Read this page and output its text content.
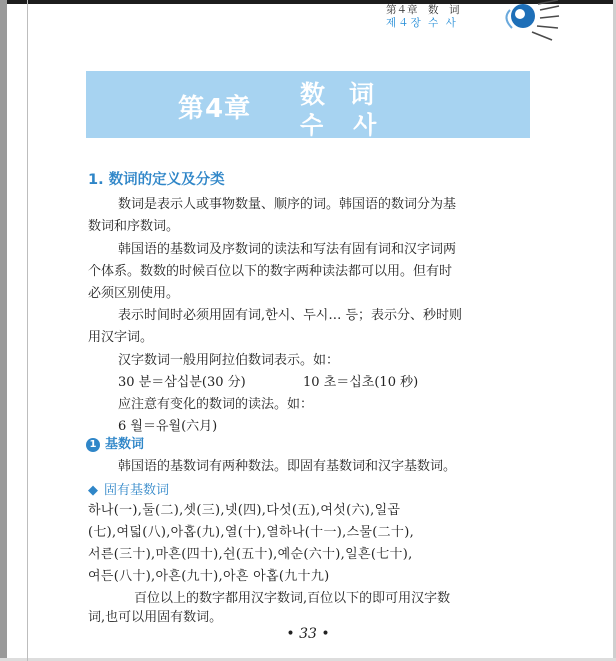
第４章　数　词
제４장 수 사
第4章 数词
수사
1. 数词的定义及分类
数词是表示人或事物数量、顺序的词。韩国语的数词分为基
数词和序数词。
韩国语的基数词及序数词的读法和写法有固有词和汉字词两
个体系。数数的时候百位以下的数字两种读法都可以用。但有时
必须区别使用。
表示时间时必须用固有词,한시、두시… 등；表示分、秒时则
用汉字词。
汉字数词一般用阿拉伯数词表示。如：
30 분＝삼십분(30 分)	10 초＝십초(10 秒)
应注意有变化的数词的读法。如：
6 월＝유월(六月)
1 基数词
韩国语的基数词有两种数法。即固有基数词和汉字基数词。
◆ 固有基数词
하나(一),둘(二),셋(三),넷(四),다섯(五),여섯(六),일곱
(七),여덟(八),아홉(九),열(十),열하나(十一),스물(二十),
서른(三十),마흔(四十),쉰(五十),예순(六十),일흔(七十),
여든(八十),아흔(九十),아흔 아홉(九十九)
百位以上的数字都用汉字数词,百位以下的即可用汉字数
词,也可以用固有数词。
• 33 •
